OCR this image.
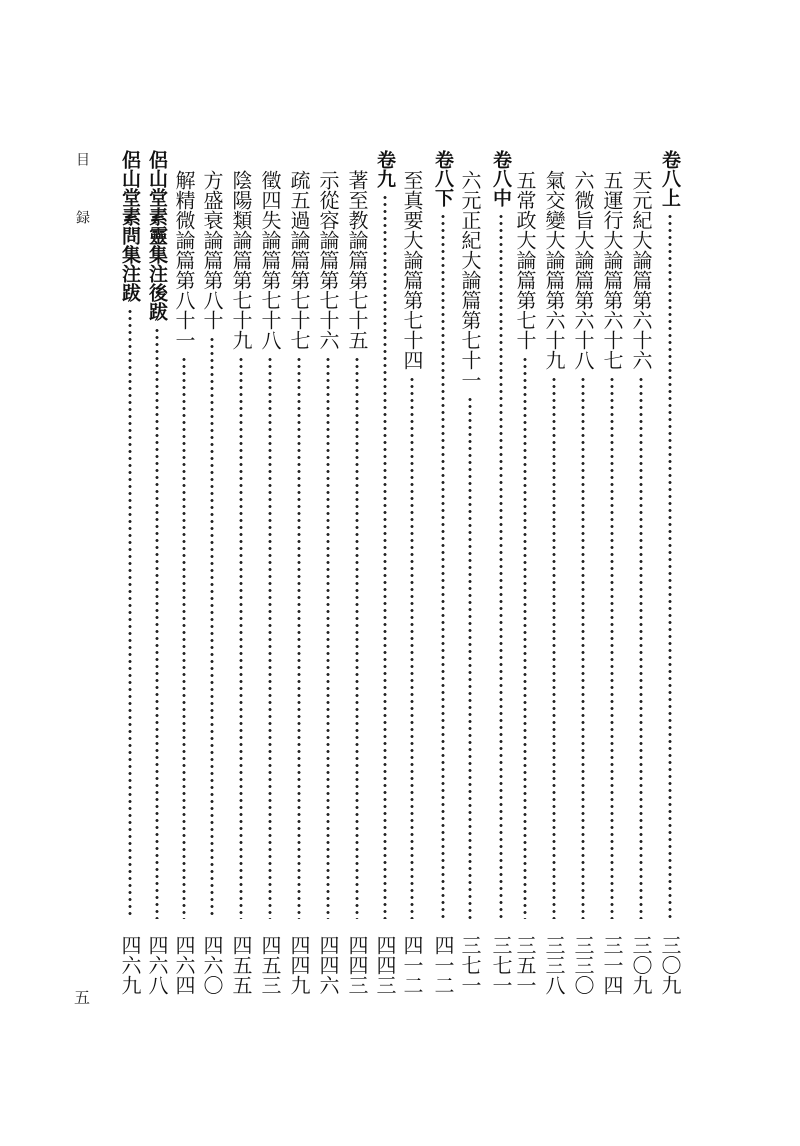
卷八上
三〇九
天元紀大論篇第六十六
三〇九
五運行大論篇第六十七
三一四
六微旨大論篇第六十八
三三〇
氣交變大論篇第六十九
三三八
五常政大論篇第七十
三五一
卷八中
三七一
六元正紀大論篇第七十一
三七一
卷八下
四一二
至真要大論篇第七十四
四一二
卷九
四四三
著至教論篇第七十五
四四三
示從容論篇第七十六
四四六
疏五過論篇第七十七
四四九
徵四失論篇第七十八
四五三
陰陽類論篇第七十九
四五五
方盛衰論篇第八十
四六〇
解精微論篇第八十一
四六四
侶山堂素靈集注後跋
四六八
侶山堂素問集注跋
四六九
目 録
五
